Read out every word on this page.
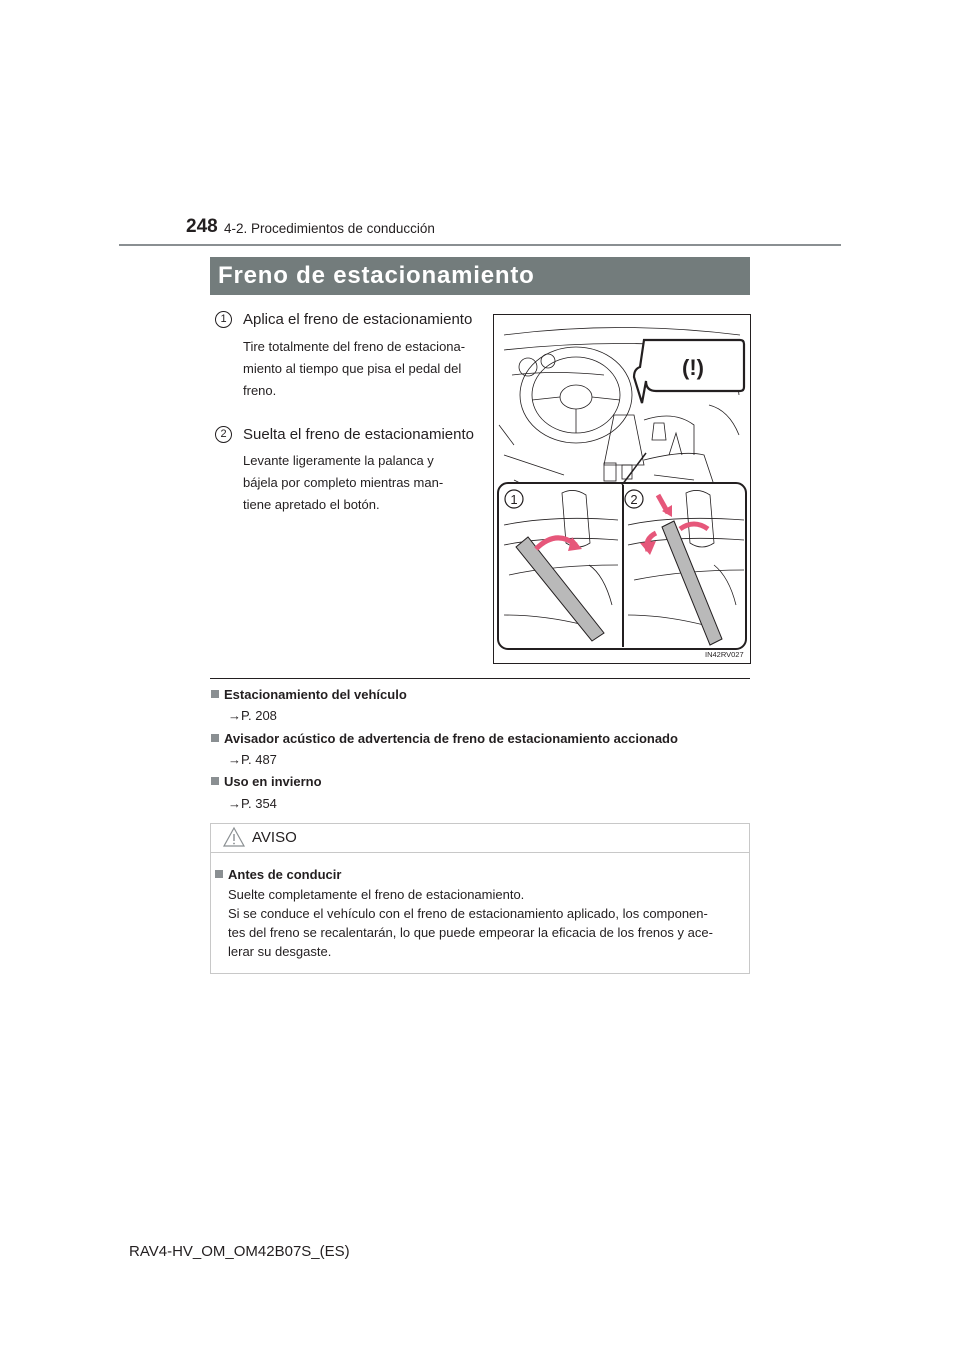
248 4-2. Procedimientos de conducción
Freno de estacionamiento
1	Aplica el freno de estacionamiento
Tire totalmente del freno de estaciona-
miento al tiempo que pisa el pedal del
freno.
2	Suelta el freno de estacionamiento
Levante ligeramente la palanca y
bájela por completo mientras man-
tiene apretado el botón.
(!)
1	2
IN42RV027
Estacionamiento del vehículo
→P. 208
Avisador acústico de advertencia de freno de estacionamiento accionado
→P. 487
Uso en invierno
→P. 354
AVISO
Antes de conducir
Suelte completamente el freno de estacionamiento.
Si se conduce el vehículo con el freno de estacionamiento aplicado, los componen-
tes del freno se recalentarán, lo que puede empeorar la eficacia de los frenos y ace-
lerar su desgaste.
RAV4-HV_OM_OM42B07S_(ES)
